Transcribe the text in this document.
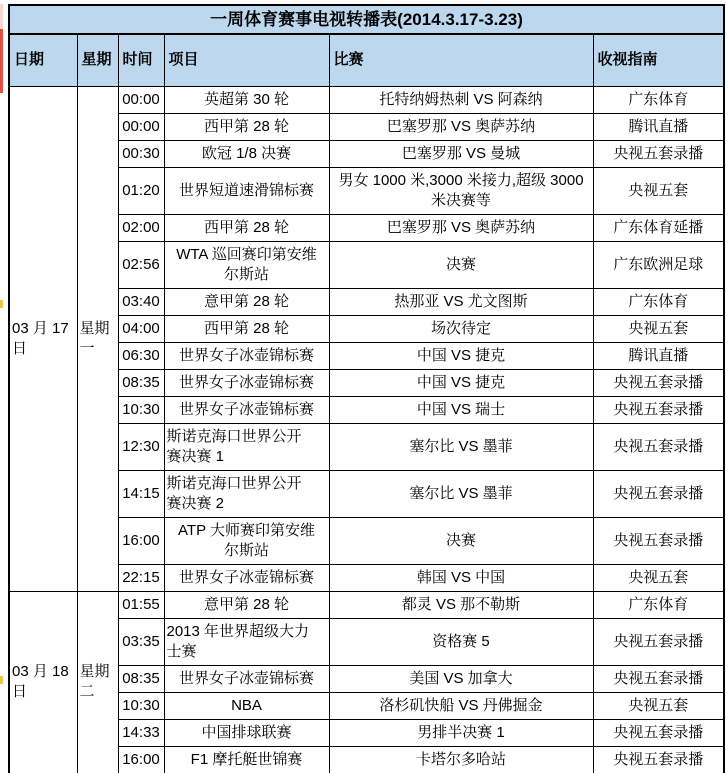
一周体育赛事电视转播表(2014.3.17-3.23)					
日期	星期	时间	项目	比赛	收视指南
03 月 17 日	星期一	00:00	英超第 30 轮	托特纳姆热刺 VS 阿森纳	广东体育
		00:00	西甲第 28 轮	巴塞罗那 VS 奥萨苏纳	腾讯直播
		00:30	欧冠 1/8 决赛	巴塞罗那 VS 曼城	央视五套录播
		01:20	世界短道速滑锦标赛	男女 1000 米,3000 米接力,超级 3000 米决赛等	央视五套
		02:00	西甲第 28 轮	巴塞罗那 VS 奥萨苏纳	广东体育延播
		02:56	WTA 巡回赛印第安维尔斯站	决赛	广东欧洲足球
		03:40	意甲第 28 轮	热那亚 VS 尤文图斯	广东体育
		04:00	西甲第 28 轮	场次待定	央视五套
		06:30	世界女子冰壶锦标赛	中国 VS 捷克	腾讯直播
		08:35	世界女子冰壶锦标赛	中国 VS 捷克	央视五套录播
		10:30	世界女子冰壶锦标赛	中国 VS 瑞士	央视五套录播
		12:30	斯诺克海口世界公开赛决赛 1	塞尔比 VS 墨菲	央视五套录播
		14:15	斯诺克海口世界公开赛决赛 2	塞尔比 VS 墨菲	央视五套录播
		16:00	ATP 大师赛印第安维尔斯站	决赛	央视五套录播
		22:15	世界女子冰壶锦标赛	韩国 VS 中国	央视五套
03 月 18 日	星期二	01:55	意甲第 28 轮	都灵 VS 那不勒斯	广东体育
		03:35	2013 年世界超级大力士赛	资格赛 5	央视五套录播
		08:35	世界女子冰壶锦标赛	美国 VS 加拿大	央视五套录播
		10:30	NBA	洛杉矶快船 VS 丹佛掘金	央视五套
		14:33	中国排球联赛	男排半决赛 1	央视五套录播
		16:00	F1 摩托艇世锦赛	卡塔尔多哈站	央视五套录播
